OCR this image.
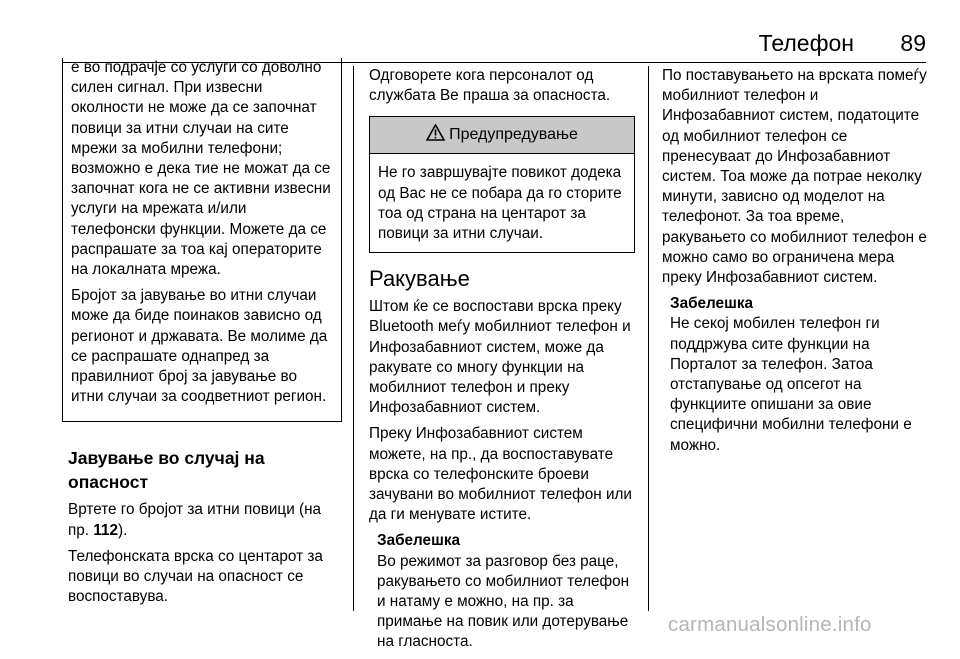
Телефон 89

е во подрачје со услуги со доволно силен сигнал. При извесни околности не може да се започнат повици за итни случаи на сите мрежи за мобилни телефони; возможно е дека тие не можат да се започнат кога не се активни извесни услуги на мрежата и/или телефонски функции. Можете да се распрашате за тоа кај операторите на локалната мрежа.

Бројот за јавување во итни случаи може да биде поинаков зависно од регионот и државата. Ве молиме да се распрашате однапред за правилниот број за јавување во итни случаи за соодветниот регион.

Јавување во случај на опасност

Вртете го бројот за итни повици (на пр. 112).

Телефонската врска со центарот за повици во случаи на опасност се воспоставува.

Одговорете кога персоналот од службата Ве праша за опасноста.

Предупредување
Не го завршувајте повикот додека од Вас не се побара да го сторите тоа од страна на центарот за повици за итни случаи.
Ракување

Штом ќе се воспостави врска преку Bluetooth меѓу мобилниот телефон и Инфозабавниот систем, може да ракувате со многу функции на мобилниот телефон и преку Инфозабавниот систем.

Преку Инфозабавниот систем можете, на пр., да воспоставувате врска со телефонските броеви зачувани во мобилниот телефон или да ги менувате истите.

Забелешка
Во режимот за разговор без раце, ракувањето со мобилниот телефон и натаму е можно, на пр. за примање на повик или дотерување на гласноста.

По поставувањето на врската помеѓу мобилниот телефон и Инфозабавниот систем, податоците од мобилниот телефон се пренесуваат до Инфозабавниот систем. Тоа може да потрае неколку минути, зависно од моделот на телефонот. За тоа време, ракувањето со мобилниот телефон е можно само во ограничена мера преку Инфозабавниот систем.

Забелешка
Не секој мобилен телефон ги поддржува сите функции на Порталот за телефон. Затоа отстапување од опсегот на функциите опишани за овие специфични мобилни телефони е можно.
carmanualsonline.info
